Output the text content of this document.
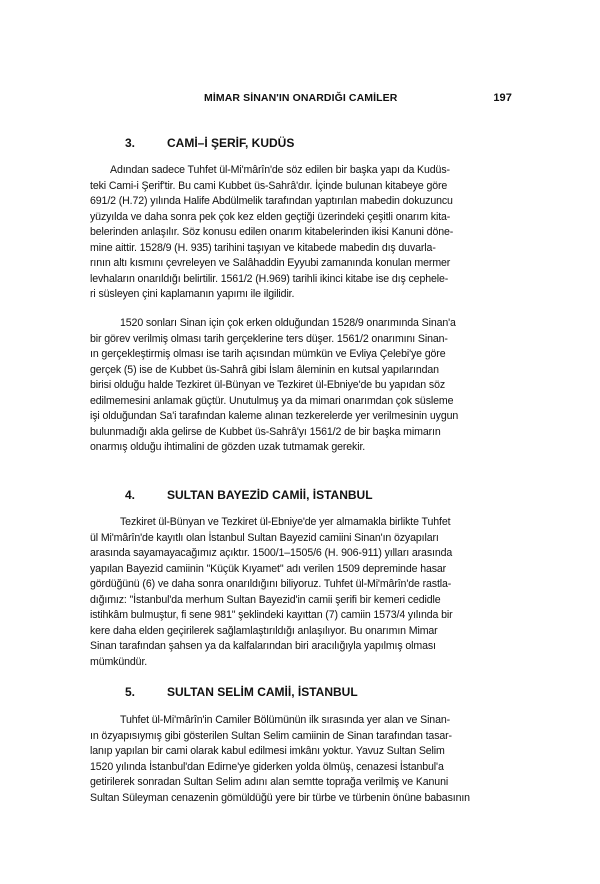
MİMAR SİNAN'IN ONARDIĞI CAMİLER	197
3.	CAMİ–İ ŞERİF, KUDÜS
Adından sadece Tuhfet ül-Mi'mârîn'de söz edilen bir başka yapı da Kudüs-
teki Cami-i Şerif'tir. Bu cami Kubbet üs-Sahrâ'dır. İçinde bulunan kitabeye göre
691/2 (H.72) yılında Halife Abdülmelik tarafından yaptırılan mabedin dokuzuncu
yüzyılda ve daha sonra pek çok kez elden geçtiği üzerindeki çeşitli onarım kita-
belerinden anlaşılır. Söz konusu edilen onarım kitabelerinden ikisi Kanuni döne-
mine aittir. 1528/9 (H. 935) tarihini taşıyan ve kitabede mabedin dış duvarla-
rının altı kısmını çevreleyen ve Salâhaddin Eyyubi zamanında konulan mermer
levhaların onarıldığı belirtilir. 1561/2 (H.969) tarihli ikinci kitabe ise dış cephele-
ri süsleyen çini kaplamanın yapımı ile ilgilidir.
1520 sonları Sinan için çok erken olduğundan 1528/9 onarımında Sinan'a
bir görev verilmiş olması tarih gerçeklerine ters düşer. 1561/2 onarımını Sinan-
ın gerçekleştirmiş olması ise tarih açısından mümkün ve Evliya Çelebi'ye göre
gerçek (5) ise de Kubbet üs-Sahrâ gibi İslam âleminin en kutsal yapılarından
birisi olduğu halde Tezkiret ül-Bünyan ve Tezkiret ül-Ebniye'de bu yapıdan söz
edilmemesini anlamak güçtür. Unutulmuş ya da mimari onarımdan çok süsleme
işi olduğundan Sa'i tarafından kaleme alınan tezkerelerde yer verilmesinin uygun
bulunmadığı akla gelirse de Kubbet üs-Sahrâ'yı 1561/2 de bir başka mimarın
onarmış olduğu ihtimalini de gözden uzak tutmamak gerekir.
4.	SULTAN BAYEZİD CAMİİ, İSTANBUL
Tezkiret ül-Bünyan ve Tezkiret ül-Ebniye'de yer almamakla birlikte Tuhfet
ül Mi'mârîn'de kayıtlı olan İstanbul Sultan Bayezid camiini Sinan'ın özyapıları
arasında sayamayacağımız açıktır. 1500/1–1505/6 (H. 906-911) yılları arasında
yapılan Bayezid camiinin "Küçük Kıyamet" adı verilen 1509 depreminde hasar
gördüğünü (6) ve daha sonra onarıldığını biliyoruz. Tuhfet ül-Mi'mârîn'de rastla-
dığımız: "İstanbul'da merhum Sultan Bayezid'in camii şerifi bir kemeri cedidle
istihkâm bulmuştur, fi sene 981" şeklindeki kayıttan (7) camiin 1573/4 yılında bir
kere daha elden geçirilerek sağlamlaştırıldığı anlaşılıyor. Bu onarımın Mimar
Sinan tarafından şahsen ya da kalfalarından biri aracılığıyla yapılmış olması
mümkündür.
5.	SULTAN SELİM CAMİİ, İSTANBUL
Tuhfet ül-Mi'mârîn'in Camiler Bölümünün ilk sırasında yer alan ve Sinan-
ın özyapısıymış gibi gösterilen Sultan Selim camiinin de Sinan tarafından tasar-
lanıp yapılan bir cami olarak kabul edilmesi imkânı yoktur. Yavuz Sultan Selim
1520 yılında İstanbul'dan Edirne'ye giderken yolda ölmüş, cenazesi İstanbul'a
getirilerek sonradan Sultan Selim adını alan semtte toprağa verilmiş ve Kanuni
Sultan Süleyman cenazenin gömüldüğü yere bir türbe ve türbenin önüne babasının
